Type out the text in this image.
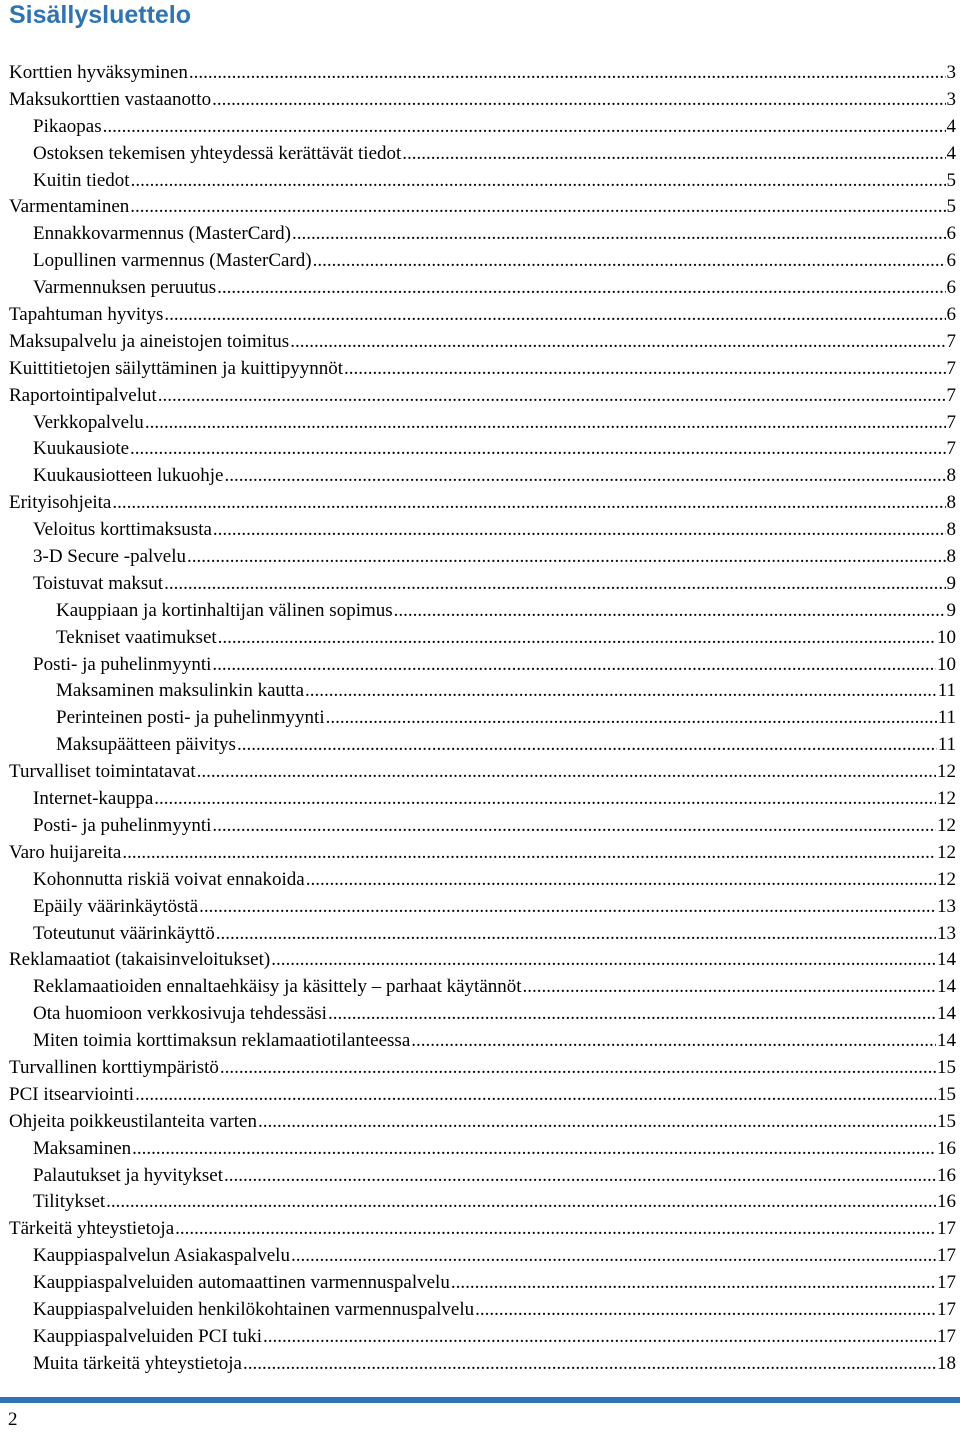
Sisällysluettelo
Korttien hyväksyminen .....	3
Maksukorttien vastaanotto .....	3
Pikaopas .....	4
Ostoksen tekemisen yhteydessä kerättävät tiedot .....	4
Kuitin tiedot .....	5
Varmentaminen .....	5
Ennakkovarmennus (MasterCard) .....	6
Lopullinen varmennus (MasterCard) .....	6
Varmennuksen peruutus .....	6
Tapahtuman hyvitys .....	6
Maksupalvelu ja aineistojen toimitus .....	7
Kuittitietojen säilyttäminen ja kuittipyynnöt .....	7
Raportointipalvelut .....	7
Verkkopalvelu .....	7
Kuukausiote .....	7
Kuukausiotteen lukuohje .....	8
Erityisohjeita .....	8
Veloitus korttimaksusta .....	8
3-D Secure -palvelu .....	8
Toistuvat maksut .....	9
Kauppiaan ja kortinhaltijan välinen sopimus .....	9
Tekniset vaatimukset .....	10
Posti- ja puhelinmyynti .....	10
Maksaminen maksulinkin kautta .....	11
Perinteinen posti- ja puhelinmyynti .....	11
Maksupäätteen päivitys .....	11
Turvalliset toimintatavat .....	12
Internet-kauppa .....	12
Posti- ja puhelinmyynti .....	12
Varo huijareita .....	12
Kohonnutta riskiä voivat ennakoida .....	12
Epäily väärinkäytöstä .....	13
Toteutunut väärinkäyttö .....	13
Reklamaatiot (takaisinveloitukset) .....	14
Reklamaatioiden ennaltaehkäisy ja käsittely – parhaat käytännöt .....	14
Ota huomioon verkkosivuja tehdessäsi .....	14
Miten toimia korttimaksun reklamaatiotilanteessa .....	14
Turvallinen korttiympäristö .....	15
PCI itsearviointi .....	15
Ohjeita poikkeustilanteita varten .....	15
Maksaminen .....	16
Palautukset ja hyvitykset .....	16
Tilitykset .....	16
Tärkeitä yhteystietoja .....	17
Kauppiaspalvelun Asiakaspalvelu .....	17
Kauppiaspalveluiden automaattinen varmennuspalvelu .....	17
Kauppiaspalveluiden henkilökohtainen varmennuspalvelu .....	17
Kauppiaspalveluiden PCI tuki .....	17
Muita tärkeitä yhteystietoja .....	18
2
